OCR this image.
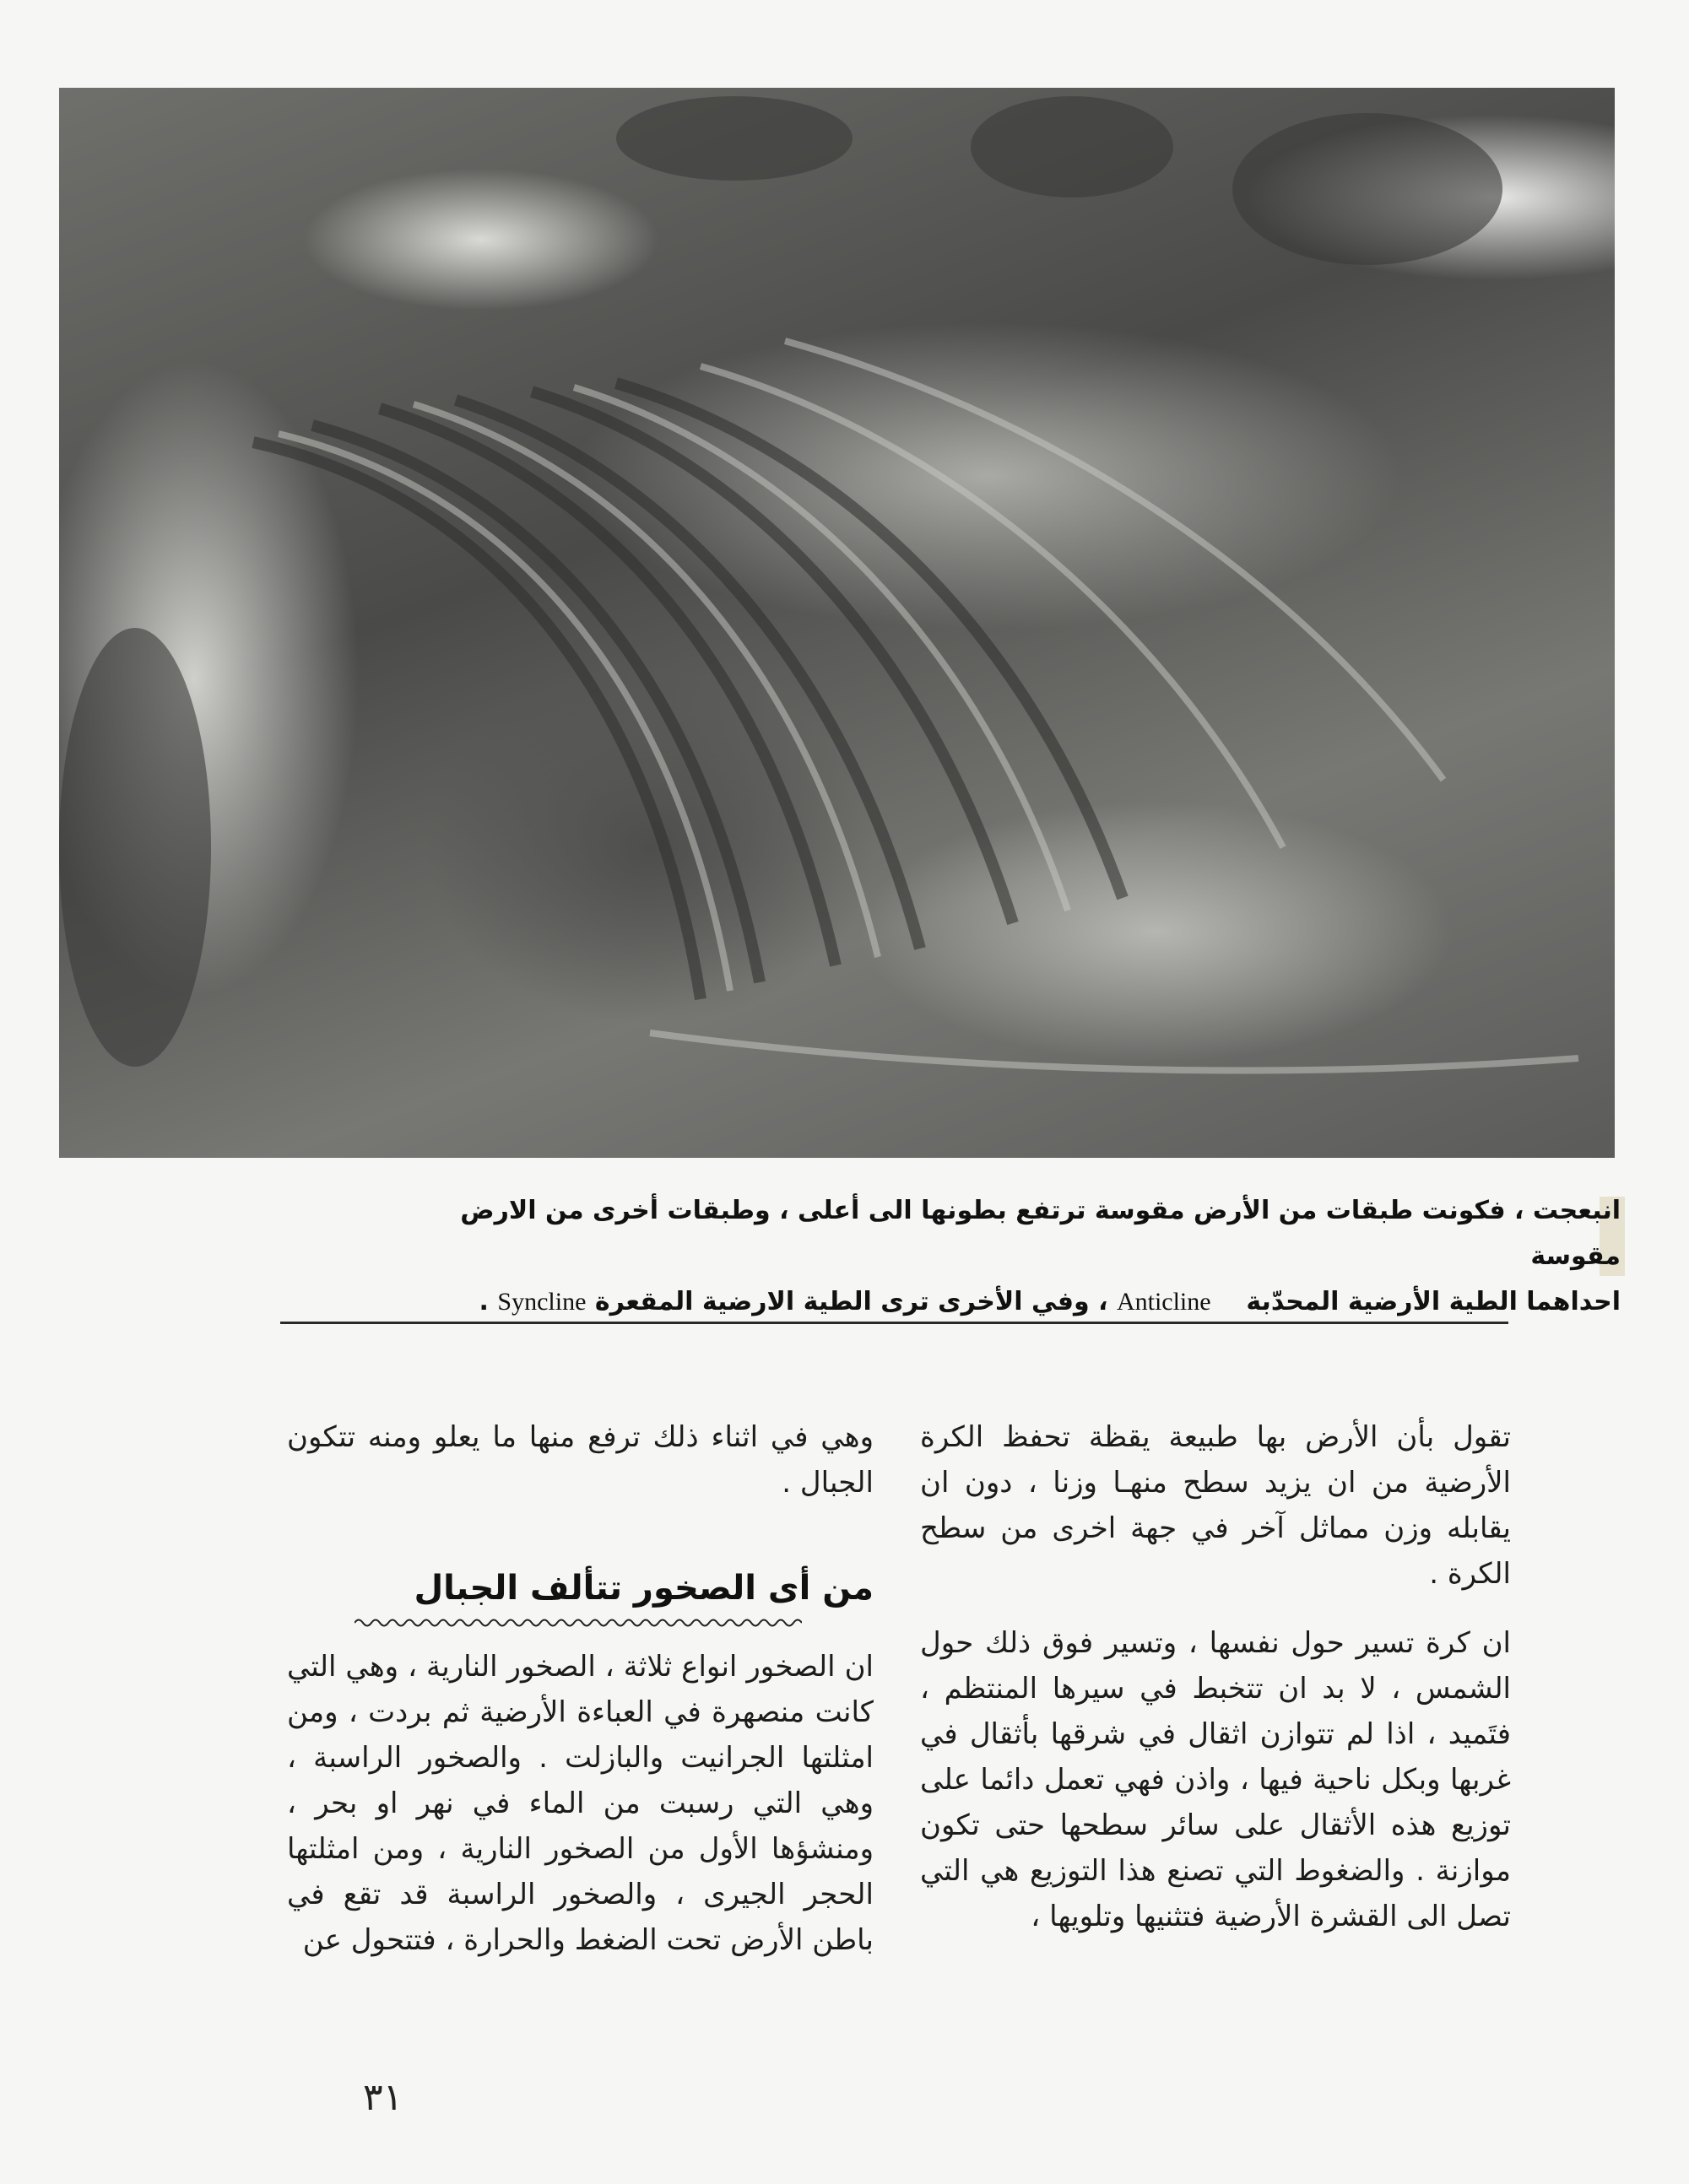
انبعجت ، فكونت طبقات من الأرض مقوسة ترتفع بطونها الى أعلى ، وطبقات أخرى من الارض مقوسة
احداهما الطية الأرضية المحدّبة    Anticline ، وفي الأخرى ترى الطية الارضية المقعرة Syncline .

تقول بأن الأرض بها طبيعة يقظة تحفظ الكرة الأرضية من ان يزيد سطح منهـا وزنا ، دون ان يقابله وزن مماثل آخر في جهة اخرى من سطح الكرة .

ان كرة تسير حول نفسها ، وتسير فوق ذلك حول الشمس ، لا بد ان تتخبط في سيرها المنتظم ، فتَميد ، اذا لم تتوازن اثقال في شرقها بأثقال في غربها وبكل ناحية فيها ، واذن فهي تعمل دائما على توزيع هذه الأثقال على سائر سطحها حتى تكون موازنة . والضغوط التي تصنع هذا التوزيع هي التي تصل الى القشرة الأرضية فتثنيها وتلويها ،

وهي في اثناء ذلك ترفع منها ما يعلو ومنه تتكون الجبال .

من أى الصخور تتألف الجبال

ان الصخور انواع ثلاثة ، الصخور النارية ، وهي التي كانت منصهرة في العباءة الأرضية ثم بردت ، ومن امثلتها الجرانيت والبازلت . والصخور الراسبة ، وهي التي رسبت من الماء في نهر او بحر ، ومنشؤها الأول من الصخور النارية ، ومن امثلتها الحجر الجيرى ، والصخور الراسبة قد تقع في باطن الأرض تحت الضغط والحرارة ، فتتحول عن

٣١
